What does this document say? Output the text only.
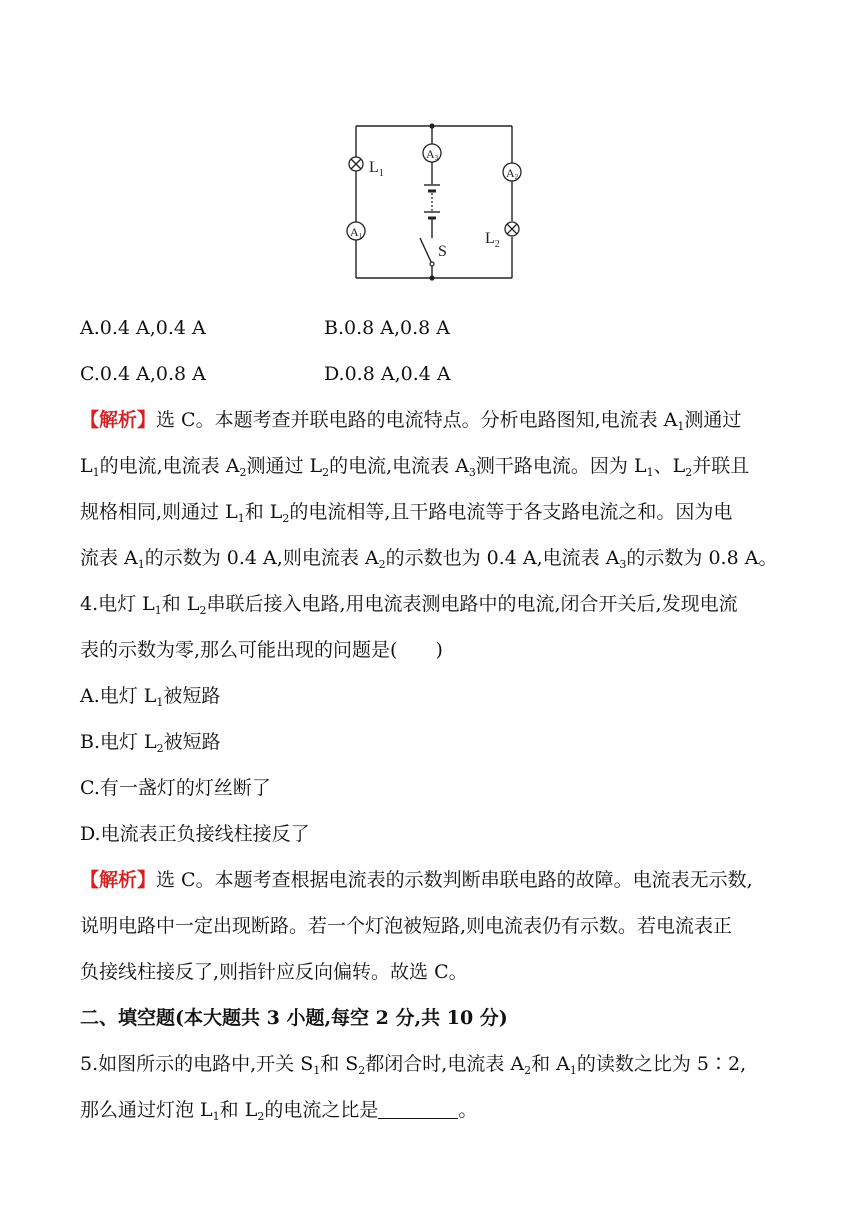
$L_1$
A1
A3
A2
$L_2$
S
A.0.4 A,0.4 A	B.0.8 A,0.8 A
C.0.4 A,0.8 A	D.0.8 A,0.4 A
【解析】选 C。本题考查并联电路的电流特点。分析电路图知,电流表 $A_1$测通过
$L_1$的电流,电流表 $A_2$测通过 $L_2$的电流,电流表 $A_3$测干路电流。因为 $L_1$、$L_2$并联且
规格相同,则通过 $L_1$和 $L_2$的电流相等,且干路电流等于各支路电流之和。因为电
流表 $A_1$的示数为 0.4 A,则电流表 $A_2$的示数也为 0.4 A,电流表 $A_3$的示数为 0.8 A。
4.电灯 $L_1$和 $L_2$串联后接入电路,用电流表测电路中的电流,闭合开关后,发现电流
表的示数为零,那么可能出现的问题是(　　)
A.电灯 $L_1$被短路
B.电灯 $L_2$被短路
C.有一盏灯的灯丝断了
D.电流表正负接线柱接反了
【解析】选 C。本题考查根据电流表的示数判断串联电路的故障。电流表无示数,
说明电路中一定出现断路。若一个灯泡被短路,则电流表仍有示数。若电流表正
负接线柱接反了,则指针应反向偏转。故选 C。
二、填空题(本大题共 3 小题,每空 2 分,共 10 分)
5.如图所示的电路中,开关 $S_1$和 $S_2$都闭合时,电流表 $A_2$和 $A_1$的读数之比为 5∶2,
那么通过灯泡 $L_1$和 $L_2$的电流之比是	。
